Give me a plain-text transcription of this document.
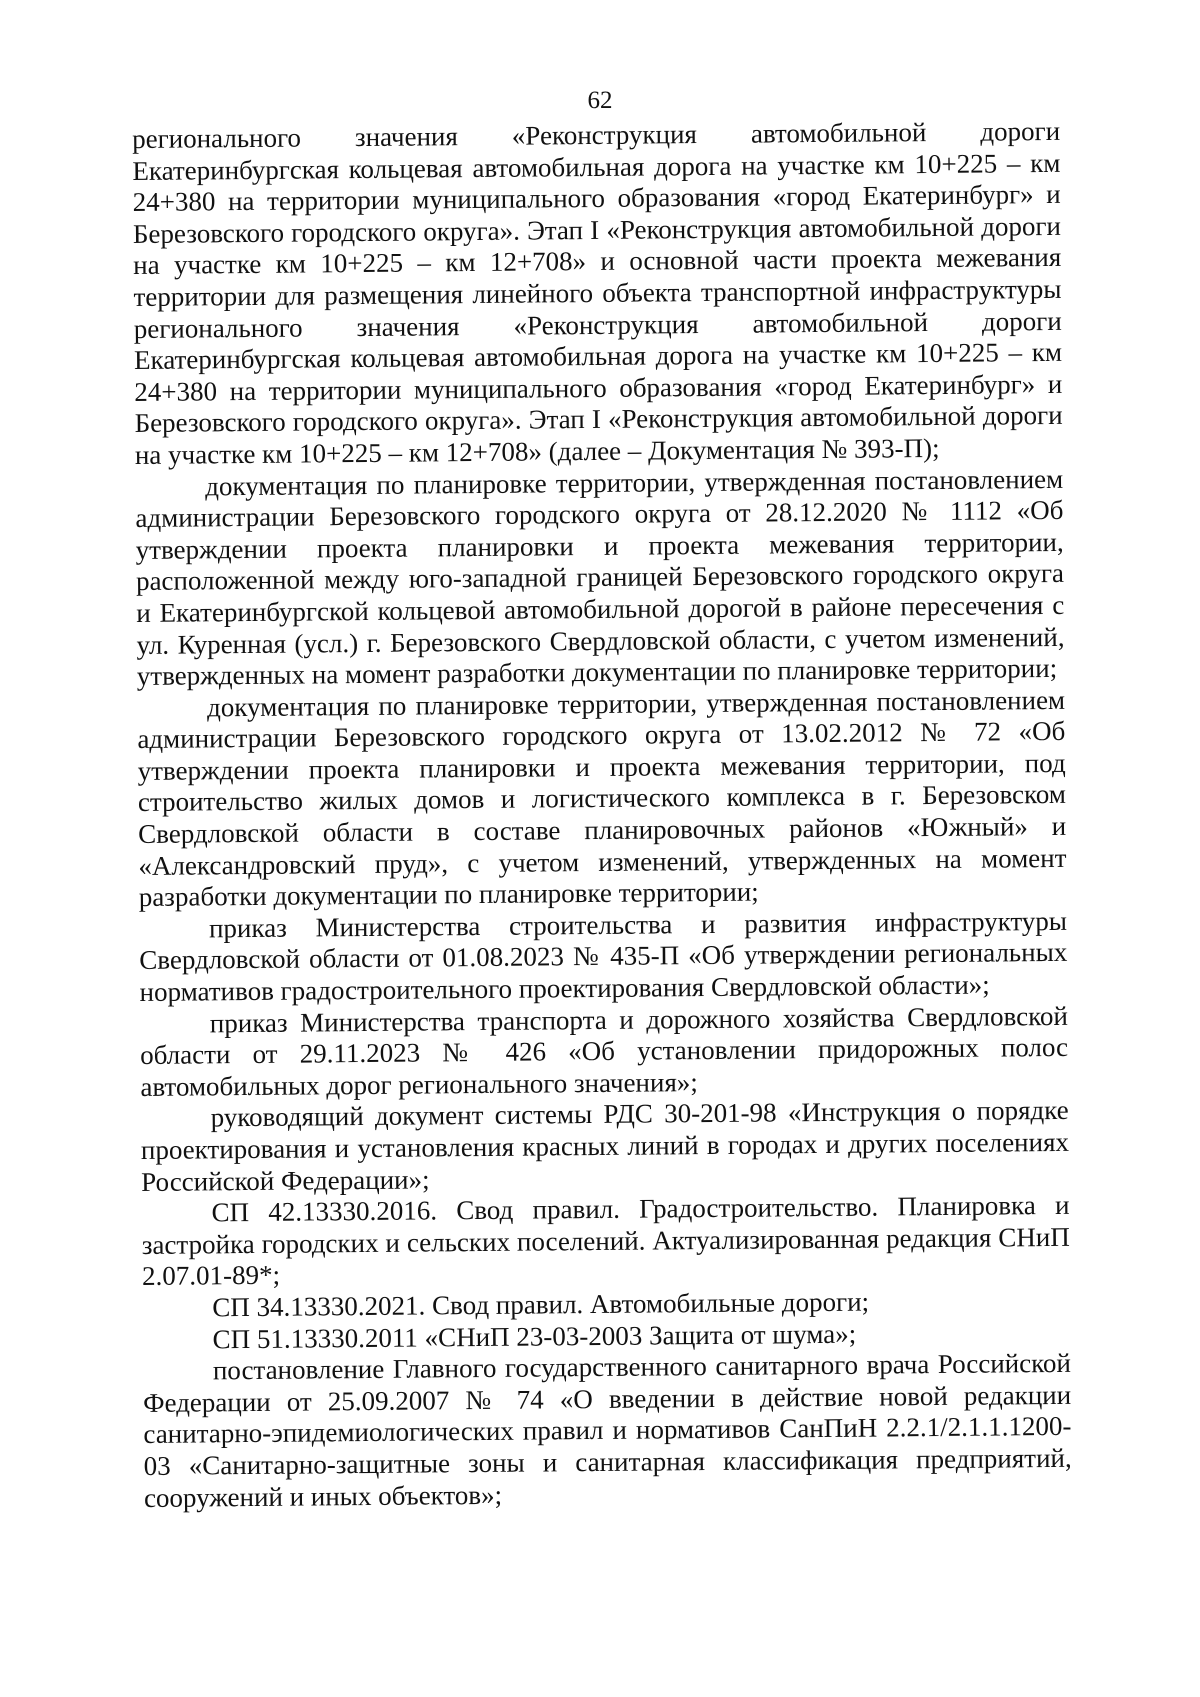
62

регионального значения «Реконструкция автомобильной дороги Екатеринбургская кольцевая автомобильная дорога на участке км 10+225 – км 24+380 на территории муниципального образования «город Екатеринбург» и Березовского городского округа». Этап I «Реконструкция автомобильной дороги на участке км 10+225 – км 12+708» и основной части проекта межевания территории для размещения линейного объекта транспортной инфраструктуры регионального значения «Реконструкция автомобильной дороги Екатеринбургская кольцевая автомобильная дорога на участке км 10+225 – км 24+380 на территории муниципального образования «город Екатеринбург» и Березовского городского округа». Этап I «Реконструкция автомобильной дороги на участке км 10+225 – км 12+708» (далее – Документация № 393-П);

документация по планировке территории, утвержденная постановлением администрации Березовского городского округа от 28.12.2020 № 1112 «Об утверждении проекта планировки и проекта межевания территории, расположенной между юго-западной границей Березовского городского округа и Екатеринбургской кольцевой автомобильной дорогой в районе пересечения с ул. Куренная (усл.) г. Березовского Свердловской области, с учетом изменений, утвержденных на момент разработки документации по планировке территории;

документация по планировке территории, утвержденная постановлением администрации Березовского городского округа от 13.02.2012 № 72 «Об утверждении проекта планировки и проекта межевания территории, под строительство жилых домов и логистического комплекса в г. Березовском Свердловской области в составе планировочных районов «Южный» и «Александровский пруд», с учетом изменений, утвержденных на момент разработки документации по планировке территории;

приказ Министерства строительства и развития инфраструктуры Свердловской области от 01.08.2023 № 435-П «Об утверждении региональных нормативов градостроительного проектирования Свердловской области»;

приказ Министерства транспорта и дорожного хозяйства Свердловской области от 29.11.2023 № 426 «Об установлении придорожных полос автомобильных дорог регионального значения»;

руководящий документ системы РДС 30-201-98 «Инструкция о порядке проектирования и установления красных линий в городах и других поселениях Российской Федерации»;

СП 42.13330.2016. Свод правил. Градостроительство. Планировка и застройка городских и сельских поселений. Актуализированная редакция СНиП 2.07.01-89*;

СП 34.13330.2021. Свод правил. Автомобильные дороги;

СП 51.13330.2011 «СНиП 23-03-2003 Защита от шума»;

постановление Главного государственного санитарного врача Российской Федерации от 25.09.2007 № 74 «О введении в действие новой редакции санитарно-эпидемиологических правил и нормативов СанПиН 2.2.1/2.1.1.1200-03 «Санитарно-защитные зоны и санитарная классификация предприятий, сооружений и иных объектов»;
